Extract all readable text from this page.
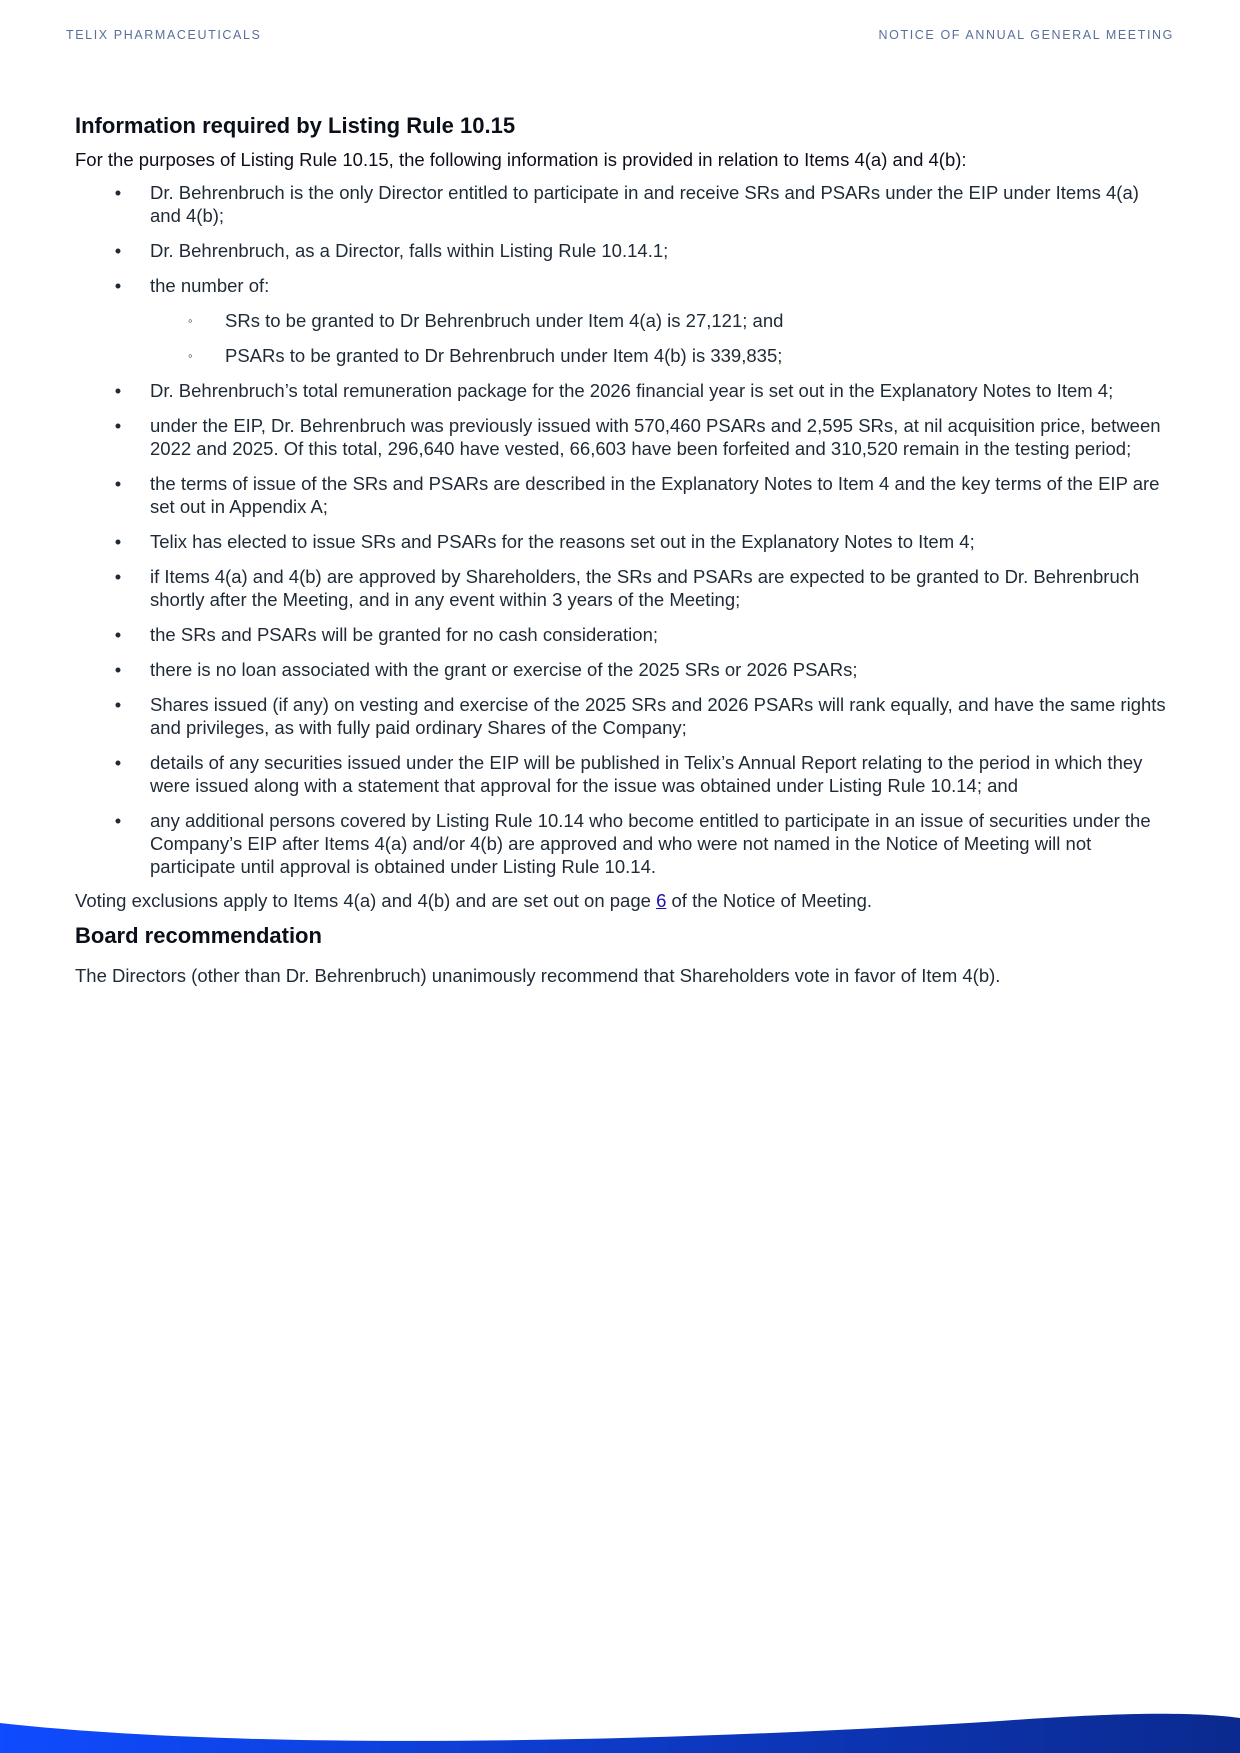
TELIX PHARMACEUTICALS	NOTICE OF ANNUAL GENERAL MEETING
Information required by Listing Rule 10.15

For the purposes of Listing Rule 10.15, the following information is provided in relation to Items 4(a) and 4(b):

• Dr. Behrenbruch is the only Director entitled to participate in and receive SRs and PSARs under the EIP under Items 4(a) and 4(b);
• Dr. Behrenbruch, as a Director, falls within Listing Rule 10.14.1;
• the number of:
◦ SRs to be granted to Dr Behrenbruch under Item 4(a) is 27,121; and
◦ PSARs to be granted to Dr Behrenbruch under Item 4(b) is 339,835;
• Dr. Behrenbruch’s total remuneration package for the 2026 financial year is set out in the Explanatory Notes to Item 4;
• under the EIP, Dr. Behrenbruch was previously issued with 570,460 PSARs and 2,595 SRs, at nil acquisition price, between 2022 and 2025. Of this total, 296,640 have vested, 66,603 have been forfeited and 310,520 remain in the testing period;
• the terms of issue of the SRs and PSARs are described in the Explanatory Notes to Item 4 and the key terms of the EIP are set out in Appendix A;
• Telix has elected to issue SRs and PSARs for the reasons set out in the Explanatory Notes to Item 4;
• if Items 4(a) and 4(b) are approved by Shareholders, the SRs and PSARs are expected to be granted to Dr. Behrenbruch shortly after the Meeting, and in any event within 3 years of the Meeting;
• the SRs and PSARs will be granted for no cash consideration;
• there is no loan associated with the grant or exercise of the 2025 SRs or 2026 PSARs;
• Shares issued (if any) on vesting and exercise of the 2025 SRs and 2026 PSARs will rank equally, and have the same rights and privileges, as with fully paid ordinary Shares of the Company;
• details of any securities issued under the EIP will be published in Telix’s Annual Report relating to the period in which they were issued along with a statement that approval for the issue was obtained under Listing Rule 10.14; and
• any additional persons covered by Listing Rule 10.14 who become entitled to participate in an issue of securities under the Company’s EIP after Items 4(a) and/or 4(b) are approved and who were not named in the Notice of Meeting will not participate until approval is obtained under Listing Rule 10.14.

Voting exclusions apply to Items 4(a) and 4(b) and are set out on page 6 of the Notice of Meeting.

Board recommendation

The Directors (other than Dr. Behrenbruch) unanimously recommend that Shareholders vote in favor of Item 4(b).

18
